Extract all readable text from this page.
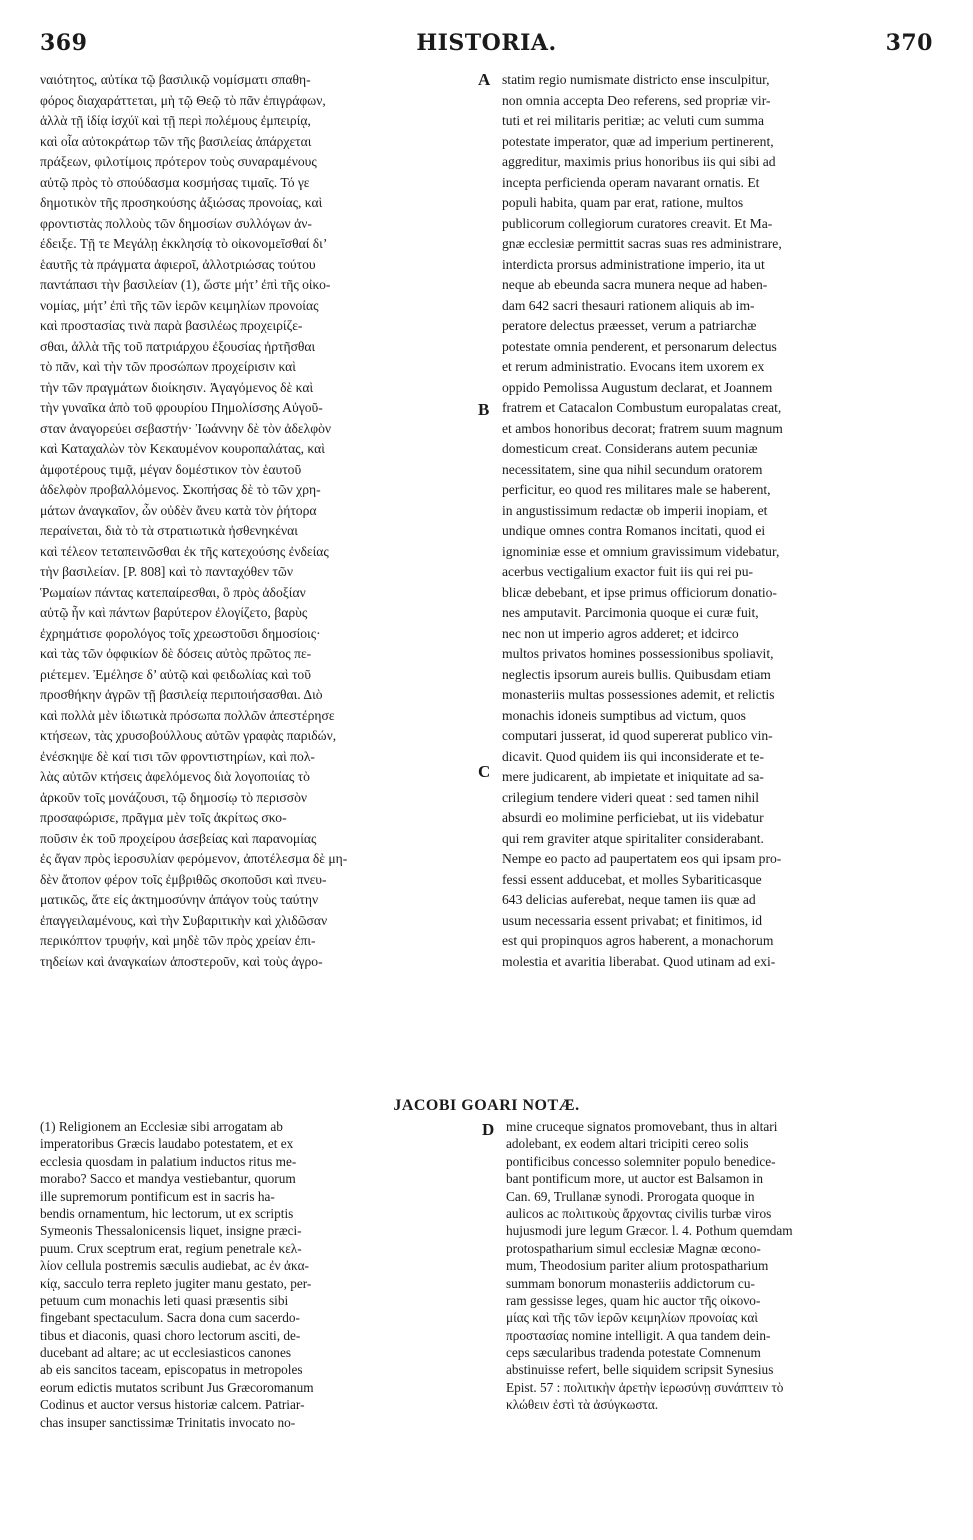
369	HISTORIA.	370
ναιότητος, αὐτίκα τῷ βασιλικῷ νομίσματι σπαθη-
φόρος διαχαράττεται, μὴ τῷ Θεῷ τὸ πᾶν ἐπιγράφων,
ἀλλὰ τῇ ἰδίᾳ ἰσχύϊ καὶ τῇ περὶ πολέμους ἐμπειρίᾳ,
καὶ οἷα αὐτοκράτωρ τῶν τῆς βασιλείας ἀπάρχεται
πράξεων, φιλοτίμοις πρότερον τοὺς συναραμένους
αὐτῷ πρὸς τὸ σπούδασμα κοσμήσας τιμαῖς. Τό γε
δημοτικὸν τῆς προσηκούσης ἀξιώσας προνοίας, καὶ
φροντιστὰς πολλοὺς τῶν δημοσίων συλλόγων ἀν-
έδειξε. Τῇ τε Μεγάλῃ ἐκκλησίᾳ τὸ οἰκονομεῖσθαί δι’
ἑαυτῆς τὰ πράγματα ἀφιερoῖ, ἀλλοτριώσας τούτου
παντάπασι τὴν βασιλείαν (1), ὥστε μήτ’ ἐπὶ τῆς οἰκο-
νομίας, μήτ’ ἐπὶ τῆς τῶν ἱερῶν κειμηλίων προνοίας
καὶ προστασίας τινὰ παρὰ βασιλέως προχειρίζε-
σθαι, ἀλλὰ τῆς τοῦ πατριάρχου ἐξουσίας ἠρτῆσθαι
τὸ πᾶν, καὶ τὴν τῶν προσώπων προχείρισιν καὶ
τὴν τῶν πραγμάτων διοίκησιν. Ἀγαγόμενος δὲ καὶ
τὴν γυναῖκα ἀπὸ τοῦ φρουρίου Πημολίσσης Αὐγοῦ-
σταν ἀναγορεύει σεβαστήν· Ἰωάννην δὲ τὸν ἀδελφὸν
καὶ Καταχαλὼν τὸν Κεκαυμένον κουροπαλάτας, καὶ
ἀμφοτέρους τιμᾷ, μέγαν δομέστικον τὸν ἑαυτοῦ
ἀδελφὸν προβαλλόμενος. Σκοπήσας δὲ τὸ τῶν χρη-
μάτων ἀναγκαῖον, ὧν οὐδὲν ἄνευ κατὰ τὸν ῥήτορα
περαίνεται, διὰ τὸ τὰ στρατιωτικὰ ἠσθενηκέναι
καὶ τέλεον τεταπεινῶσθαι ἐκ τῆς κατεχούσης ἐνδείας
τὴν βασιλείαν. [P. 808] καὶ τὸ πανταχόθεν τῶν
Ῥωμαίων πάντας κατεπαίρεσθαι, ὃ πρὸς ἀδοξίαν
αὐτῷ ἦν καὶ πάντων βαρύτερον ἐλογίζετο, βαρὺς
ἐχρημάτισε φορολόγος τοῖς χρεωστοῦσι δημοσίοις·
καὶ τὰς τῶν ὀφφικίων δὲ δόσεις αὐτὸς πρῶτος πε-
ριέτεμεν. Ἐμέλησε δ’ αὐτῷ καὶ φειδωλίας καὶ τοῦ
προσθήκην ἀγρῶν τῇ βασιλείᾳ περιποιήσασθαι. Διὸ
καὶ πολλὰ μὲν ἰδιωτικὰ πρόσωπα πολλῶν ἀπεστέρησε
κτήσεων, τὰς χρυσοβούλλους αὐτῶν γραφὰς παριδών,
ἐνέσκηψε δὲ καί τισι τῶν φροντιστηρίων, καὶ πολ-
λὰς αὐτῶν κτήσεις ἀφελόμενος διὰ λογοποιίας τὸ
ἀρκοῦν τοῖς μονάζουσι, τῷ δημοσίῳ τὸ περισσὸν
προσαφώρισε, πρᾶγμα μὲν τοῖς ἀκρίτως σκο-
ποῦσιν ἐκ τοῦ προχείρου ἀσεβείας καὶ παρανομίας
ἐς ἄγαν πρὸς ἱεροσυλίαν φερόμενον, ἀποτέλεσμα δὲ μη-
δὲν ἄτοπον φέρον τοῖς ἐμβριθῶς σκοποῦσι καὶ πνευ-
ματικῶς, ἅτε εἰς ἀκτημοσύνην ἀπάγον τοὺς ταύτην
ἐπαγγειλαμένους, καὶ τὴν Συβαριτικὴν καὶ χλιδῶσαν
περικόπτον τρυφήν, καὶ μηδὲ τῶν πρὸς χρείαν ἐπι-
τηδείων καὶ ἀναγκαίων ἀποστεροῦν, καὶ τοὺς ἀγρο-
statim regio numismate districto ense insculpitur,
non omnia accepta Deo referens, sed propriæ vir-
tuti et rei militaris peritiæ; ac veluti cum summa
potestate imperator, quæ ad imperium pertinerent,
aggreditur, maximis prius honoribus iis qui sibi ad
incepta perficienda operam navarant ornatis. Et
populi habita, quam par erat, ratione, multos
publicorum collegiorum curatores creavit. Et Ma-
gnæ ecclesiæ permittit sacras suas res administrare,
interdicta prorsus administratione imperio, ita ut
neque ab ebeunda sacra munera neque ad haben-
dam 642 sacri thesauri rationem aliquis ab im-
peratore delectus præesset, verum a patriarchæ
potestate omnia penderent, et personarum delectus
et rerum administratio. Evocans item uxorem ex
oppido Pemolissa Augustum declarat, et Joannem
fratrem et Catacalon Combustum europalatas creat,
et ambos honoribus decorat; fratrem suum magnum
domesticum creat. Considerans autem pecuniæ
necessitatem, sine qua nihil secundum oratorem
perficitur, eo quod res militares male se haberent,
in angustissimum redactæ ob imperii inopiam, et
undique omnes contra Romanos incitati, quod ei
ignominiæ esse et omnium gravissimum videbatur,
acerbus vectigalium exactor fuit iis qui rei pu-
blicæ debebant, et ipse primus officiorum donatio-
nes amputavit. Parcimonia quoque ei curæ fuit,
nec non ut imperio agros adderet; et idcirco
multos privatos homines possessionibus spoliavit,
neglectis ipsorum aureis bullis. Quibusdam etiam
monasteriis multas possessiones ademit, et relictis
monachis idoneis sumptibus ad victum, quos
computari jusserat, id quod supererat publico vin-
dicavit. Quod quidem iis qui inconsiderate et te-
mere judicarent, ab impietate et iniquitate ad sa-
crilegium tendere videri queat : sed tamen nihil
absurdi eo molimine perficiebat, ut iis videbatur
qui rem graviter atque spiritaliter considerabant.
Nempe eo pacto ad paupertatem eos qui ipsam pro-
fessi essent adducebat, et molles Sybariticasque
643 delicias auferebat, neque tamen iis quæ ad
usum necessaria essent privabat; et finitimos, id
est qui propinquos agros haberent, a monachorum
molestia et avaritia liberabat. Quod utinam ad exi-
A
B
C
D
JACOBI GOARI NOTÆ.
(1) Religionem an Ecclesiæ sibi arrogatam ab
imperatoribus Græcis laudabo potestatem, et ex
ecclesia quosdam in palatium inductos ritus me-
morabo? Sacco et mandya vestiebantur, quorum
ille supremorum pontificum est in sacris ha-
bendis ornamentum, hic lectorum, ut ex scriptis
Symeonis Thessalonicensis liquet, insigne præci-
puum. Crux sceptrum erat, regium penetrale κελ-
λίον cellula postremis sæculis audiebat, ac ἐν ἀκα-
κίᾳ, sacculo terra repleto jugiter manu gestato, per-
petuum cum monachis leti quasi præsentis sibi
fingebant spectaculum. Sacra dona cum sacerdo-
tibus et diaconis, quasi choro lectorum asciti, de-
ducebant ad altare; ac ut ecclesiasticos canones
ab eis sancitos taceam, episcopatus in metropoles
eorum edictis mutatos scribunt Jus Græcoromanum
Codinus et auctor versus historiæ calcem. Patriar-
chas insuper sanctissimæ Trinitatis invocato no-
mine cruceque signatos promovebant, thus in altari
adolebant, ex eodem altari tricipiti cereo solis
pontificibus concesso solemniter populo benedice-
bant pontificum more, ut auctor est Balsamon in
Can. 69, Trullanæ synodi. Prorogata quoque in
aulicos ac πολιτικοὺς ἄρχοντας civilis turbæ viros
hujusmodi jure legum Græcor. l. 4. Pothum quemdam
protospatharium simul ecclesiæ Magnæ œcono-
mum, Theodosium pariter alium protospatharium
summam bonorum monasteriis addictorum cu-
ram gessisse leges, quam hic auctor τῆς οἰκονο-
μίας καὶ τῆς τῶν ἱερῶν κειμηλίων προνοίας καὶ
προστασίας nomine intelligit. A qua tandem dein-
ceps sæcularibus tradenda potestate Comnenum
abstinuisse refert, belle siquidem scripsit Synesius
Epist. 57 : πολιτικὴν ἀρετὴν ἱερωσύνῃ συνάπτειν τὸ
κλώθειν ἐστὶ τὰ ἀσύγκωστα.
